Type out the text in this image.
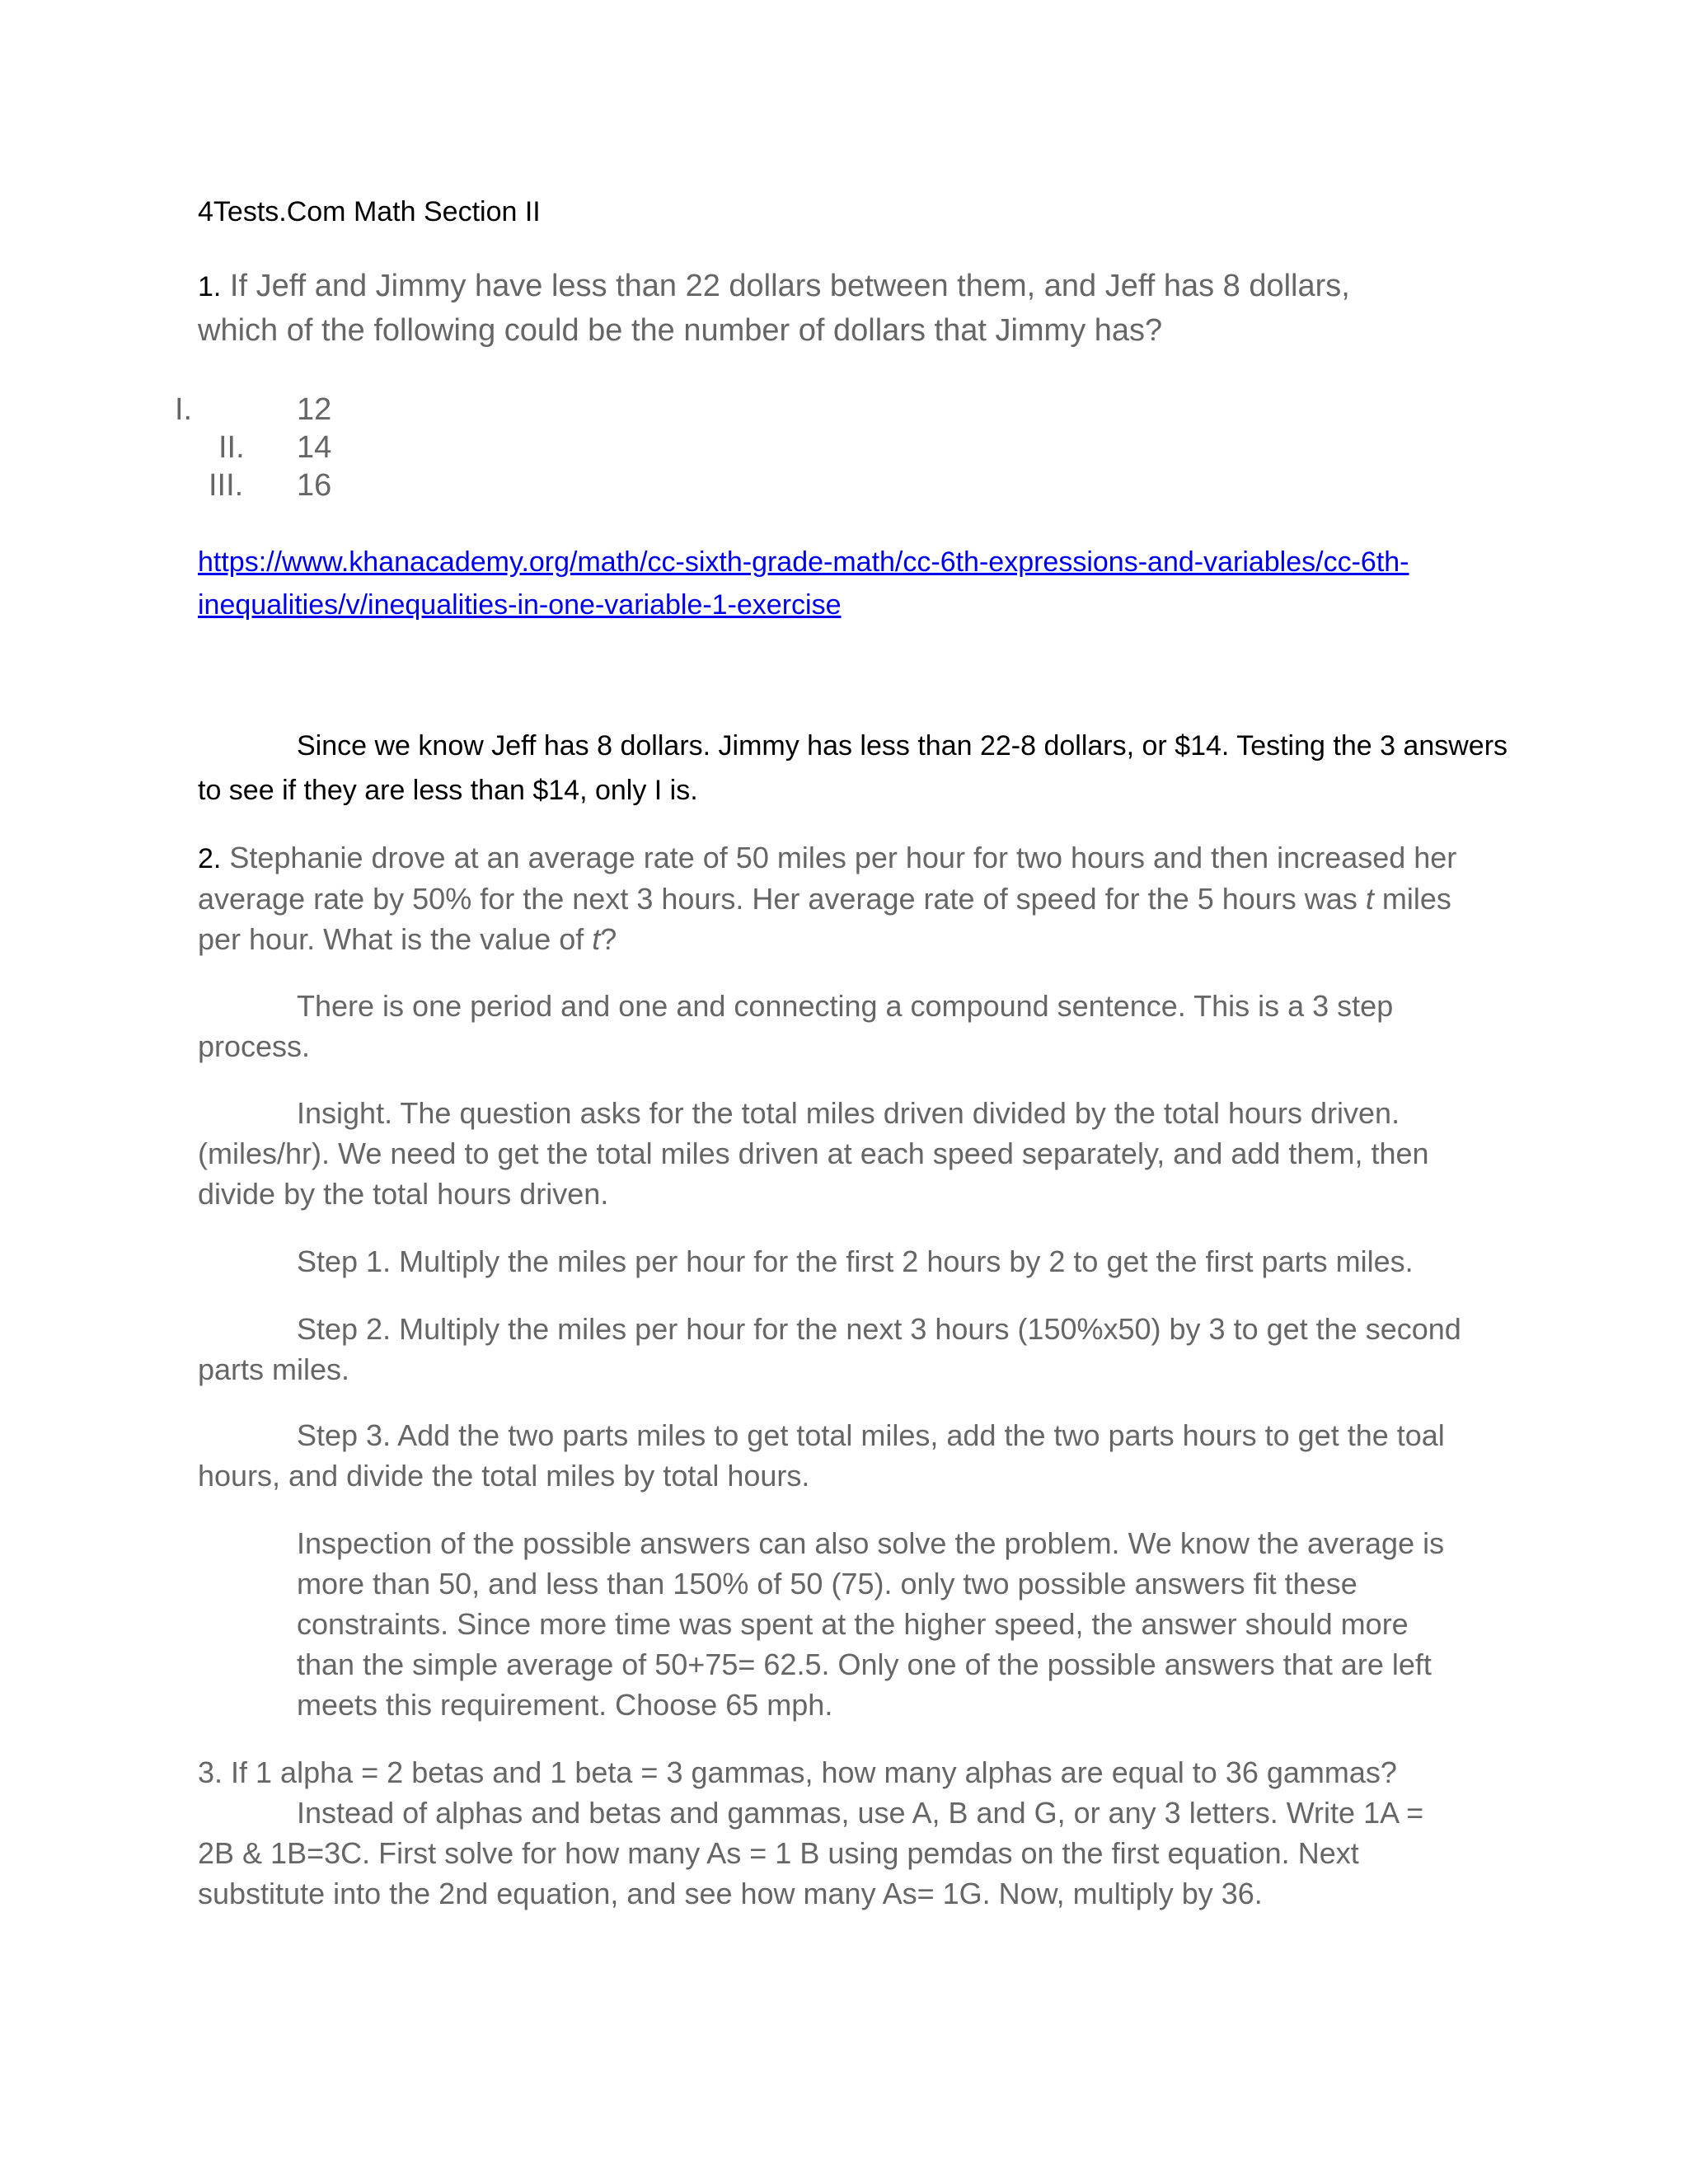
4Tests.Com Math Section II
1. If Jeff and Jimmy have less than 22 dollars between them, and Jeff has 8 dollars,
which of the following could be the number of dollars that Jimmy has?
I.	12
II. 14
III. 16
https://www.khanacademy.org/math/cc-sixth-grade-math/cc-6th-expressions-and-variables/cc-6th-
inequalities/v/inequalities-in-one-variable-1-exercise
Since we know Jeff has 8 dollars. Jimmy has less than 22-8 dollars, or $14. Testing the 3 answers
to see if they are less than $14, only I is.
2. Stephanie drove at an average rate of 50 miles per hour for two hours and then increased her
average rate by 50% for the next 3 hours. Her average rate of speed for the 5 hours was t miles
per hour. What is the value of t?
There is one period and one and connecting a compound sentence. This is a 3 step
process.
Insight. The question asks for the total miles driven divided by the total hours driven.
(miles/hr). We need to get the total miles driven at each speed separately, and add them, then
divide by the total hours driven.
Step 1. Multiply the miles per hour for the first 2 hours by 2 to get the first parts miles.
Step 2. Multiply the miles per hour for the next 3 hours (150%x50) by 3 to get the second
parts miles.
Step 3. Add the two parts miles to get total miles, add the two parts hours to get the toal
hours, and divide the total miles by total hours.
Inspection of the possible answers can also solve the problem. We know the average is
more than 50, and less than 150% of 50 (75). only two possible answers fit these
constraints. Since more time was spent at the higher speed, the answer should more
than the simple average of 50+75= 62.5. Only one of the possible answers that are left
meets this requirement. Choose 65 mph.
3. If 1 alpha = 2 betas and 1 beta = 3 gammas, how many alphas are equal to 36 gammas?
Instead of alphas and betas and gammas, use A, B and G, or any 3 letters. Write 1A =
2B & 1B=3C. First solve for how many As = 1 B using pemdas on the first equation. Next
substitute into the 2nd equation, and see how many As= 1G. Now, multiply by 36.
